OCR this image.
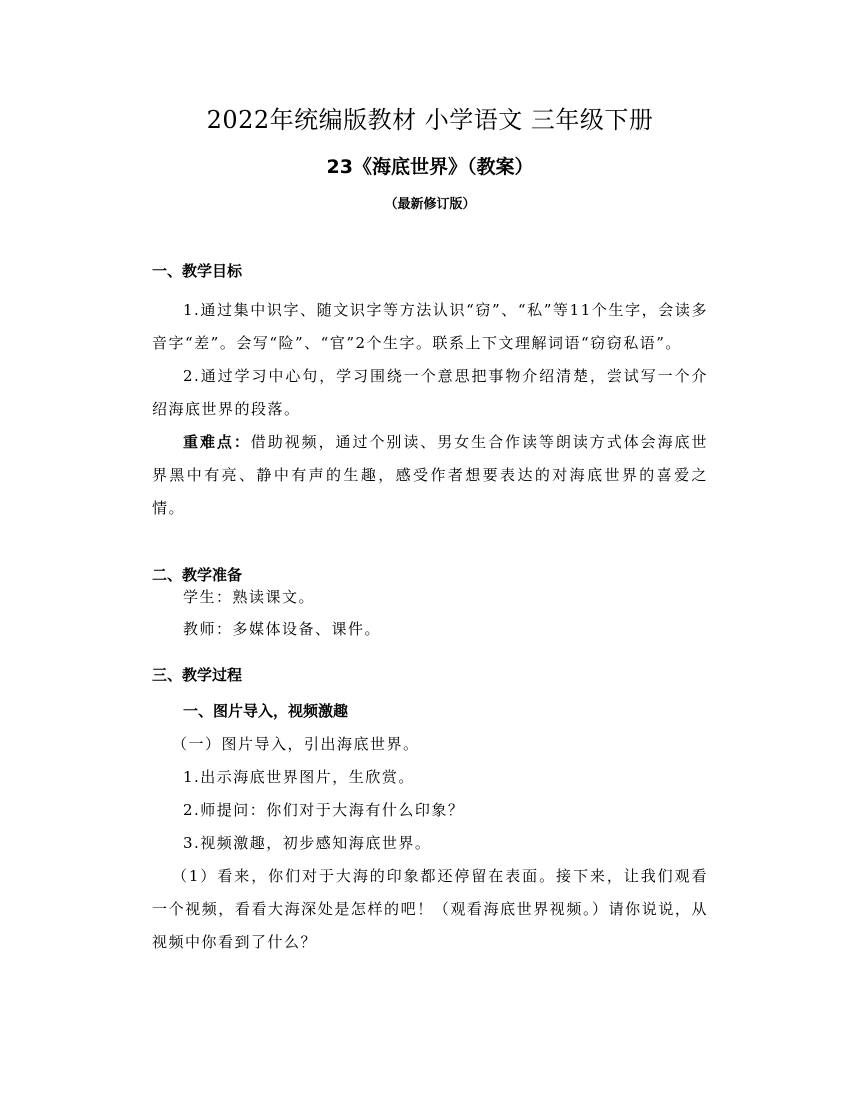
2022年统编版教材 小学语文 三年级下册
23《海底世界》（教案）
（最新修订版）

一、教学目标

1.通过集中识字、随文识字等方法认识“窃”、“私”等11个生字，会读多音字“差”。会写“险”、“官”2个生字。联系上下文理解词语“窃窃私语”。

2.通过学习中心句，学习围绕一个意思把事物介绍清楚，尝试写一个介绍海底世界的段落。

重难点：借助视频，通过个别读、男女生合作读等朗读方式体会海底世界黑中有亮、静中有声的生趣，感受作者想要表达的对海底世界的喜爱之情。

二、教学准备

学生：熟读课文。

教师：多媒体设备、课件。

三、教学过程

一、图片导入，视频激趣

（一）图片导入，引出海底世界。

1.出示海底世界图片，生欣赏。

2.师提问：你们对于大海有什么印象？

3.视频激趣，初步感知海底世界。

（1）看来，你们对于大海的印象都还停留在表面。接下来，让我们观看一个视频，看看大海深处是怎样的吧！（观看海底世界视频。）请你说说，从视频中你看到了什么？
